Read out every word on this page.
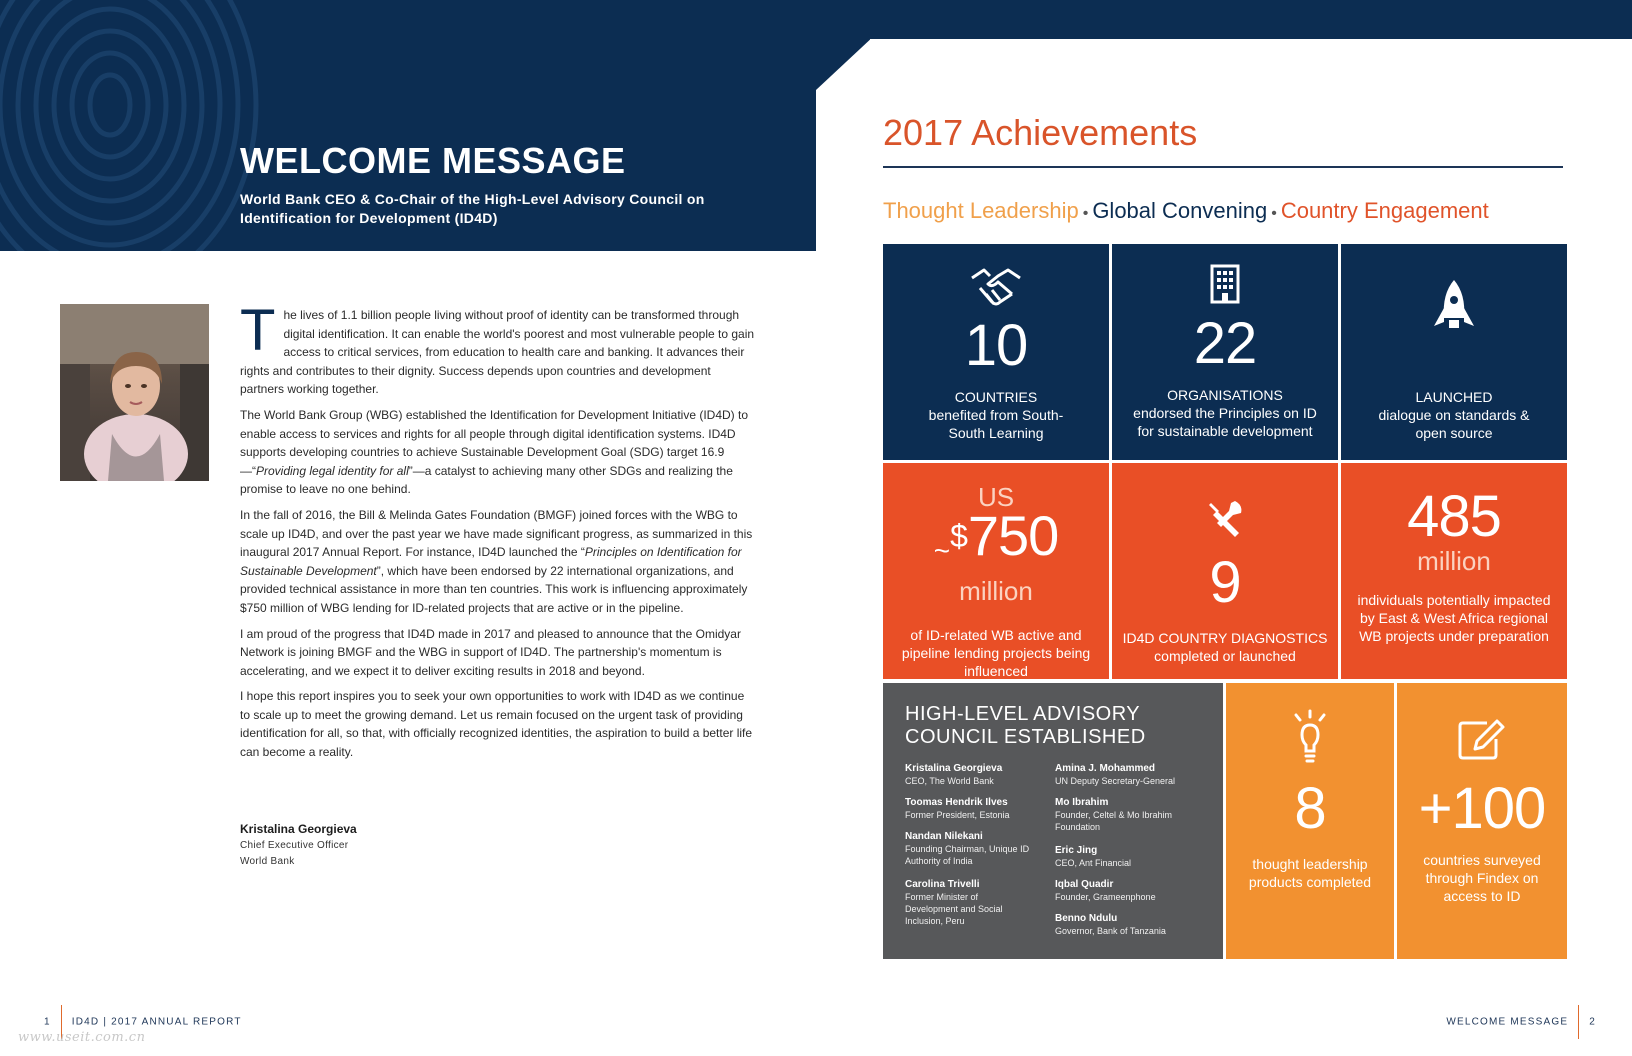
WELCOME MESSAGE
World Bank CEO & Co-Chair of the High-Level Advisory Council on Identification for Development (ID4D)

The lives of 1.1 billion people living without proof of identity can be transformed through digital identification. It can enable the world's poorest and most vulnerable people to gain access to critical services, from education to health care and banking. It advances their rights and contributes to their dignity. Success depends upon countries and development partners working together.

The World Bank Group (WBG) established the Identification for Development Initiative (ID4D) to enable access to services and rights for all people through digital identification systems. ID4D supports developing countries to achieve Sustainable Development Goal (SDG) target 16.9—“Providing legal identity for all”—a catalyst to achieving many other SDGs and realizing the promise to leave no one behind.

In the fall of 2016, the Bill & Melinda Gates Foundation (BMGF) joined forces with the WBG to scale up ID4D, and over the past year we have made significant progress, as summarized in this inaugural 2017 Annual Report. For instance, ID4D launched the “Principles on Identification for Sustainable Development”, which have been endorsed by 22 international organizations, and provided technical assistance in more than ten countries. This work is influencing approximately $750 million of WBG lending for ID-related projects that are active or in the pipeline.

I am proud of the progress that ID4D made in 2017 and pleased to announce that the Omidyar Network is joining BMGF and the WBG in support of ID4D. The partnership's momentum is accelerating, and we expect it to deliver exciting results in 2018 and beyond.

I hope this report inspires you to seek your own opportunities to work with ID4D as we continue to scale up to meet the growing demand. Let us remain focused on the urgent task of providing identification for all, so that, with officially recognized identities, the aspiration to build a better life can become a reality.

Kristalina Georgieva
Chief Executive Officer
World Bank
1 ID4D | 2017 ANNUAL REPORT
www.useit.com.cn
2017 Achievements
Thought Leadership • Global Convening • Country Engagement
10
COUNTRIES
benefited from South-South Learning
22
ORGANISATIONS
endorsed the Principles on ID for sustainable development
LAUNCHED
dialogue on standards & open source
US
~$750
million
of ID-related WB active and pipeline lending projects being influenced
9
ID4D COUNTRY DIAGNOSTICS
completed or launched
485
million
individuals potentially impacted by East & West Africa regional WB projects under preparation
HIGH-LEVEL ADVISORY
COUNCIL ESTABLISHED
Kristalina Georgieva
CEO, The World Bank
Toomas Hendrik Ilves
Former President, Estonia
Nandan Nilekani
Founding Chairman, Unique ID Authority of India
Carolina Trivelli
Former Minister of Development and Social Inclusion, Peru
Amina J. Mohammed
UN Deputy Secretary-General
Mo Ibrahim
Founder, Celtel & Mo Ibrahim Foundation
Eric Jing
CEO, Ant Financial
Iqbal Quadir
Founder, Grameenphone
Benno Ndulu
Governor, Bank of Tanzania
8
thought leadership products completed
+100
countries surveyed through Findex on access to ID
WELCOME MESSAGE 2
